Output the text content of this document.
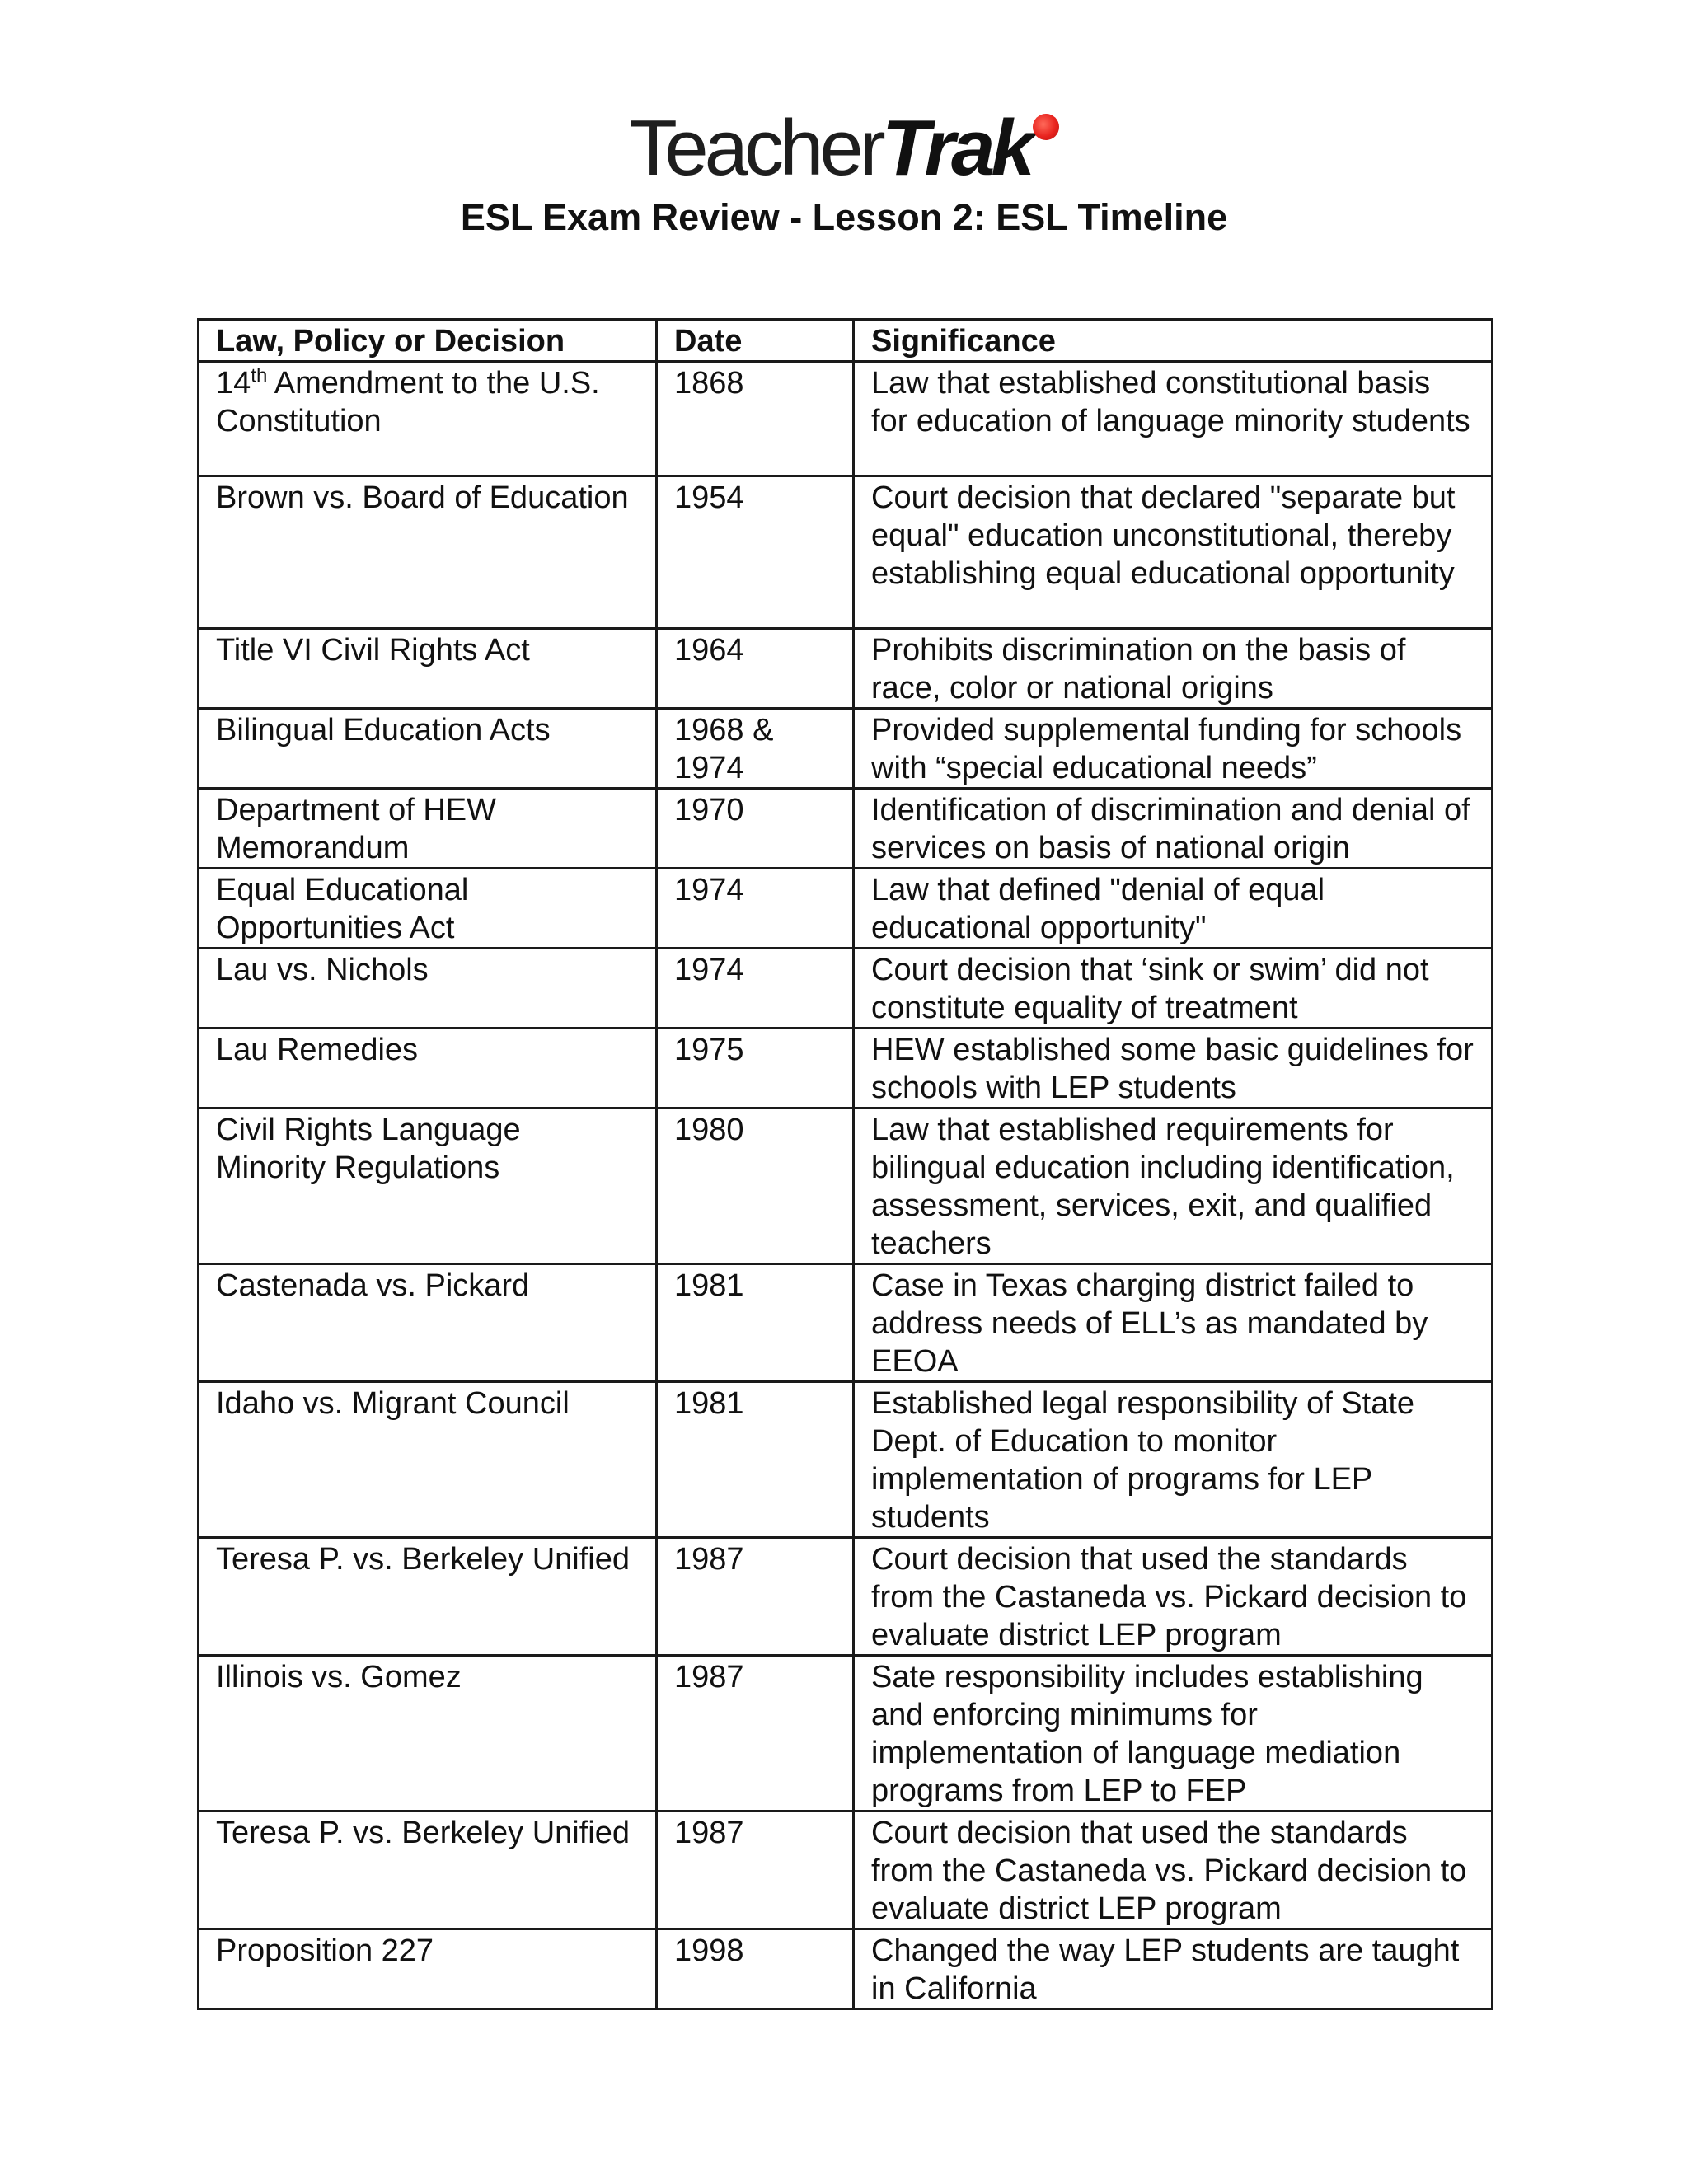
TeacherTrak
ESL Exam Review - Lesson 2: ESL Timeline
Law, Policy or Decision	Date	Significance
14th Amendment to the U.S. Constitution	1868	Law that established constitutional basis for education of language minority students
Brown vs. Board of Education	1954	Court decision that declared "separate but equal" education unconstitutional, thereby establishing equal educational opportunity
Title VI Civil Rights Act	1964	Prohibits discrimination on the basis of race, color or national origins
Bilingual Education Acts	1968 & 1974	Provided supplemental funding for schools with “special educational needs”
Department of HEW Memorandum	1970	Identification of discrimination and denial of services on basis of national origin
Equal Educational Opportunities Act	1974	Law that defined "denial of equal educational opportunity"
Lau vs. Nichols	1974	Court decision that ‘sink or swim’ did not constitute equality of treatment
Lau Remedies	1975	HEW established some basic guidelines for schools with LEP students
Civil Rights Language Minority Regulations	1980	Law that established requirements for bilingual education including identification, assessment, services, exit, and qualified teachers
Castenada vs. Pickard	1981	Case in Texas charging district failed to address needs of ELL’s as mandated by EEOA
Idaho vs. Migrant Council	1981	Established legal responsibility of State Dept. of Education to monitor implementation of programs for LEP students
Teresa P. vs. Berkeley Unified	1987	Court decision that used the standards from the Castaneda vs. Pickard decision to evaluate district LEP program
Illinois vs. Gomez	1987	Sate responsibility includes establishing and enforcing minimums for implementation of language mediation programs from LEP to FEP
Teresa P. vs. Berkeley Unified	1987	Court decision that used the standards from the Castaneda vs. Pickard decision to evaluate district LEP program
Proposition 227	1998	Changed the way LEP students are taught in California
